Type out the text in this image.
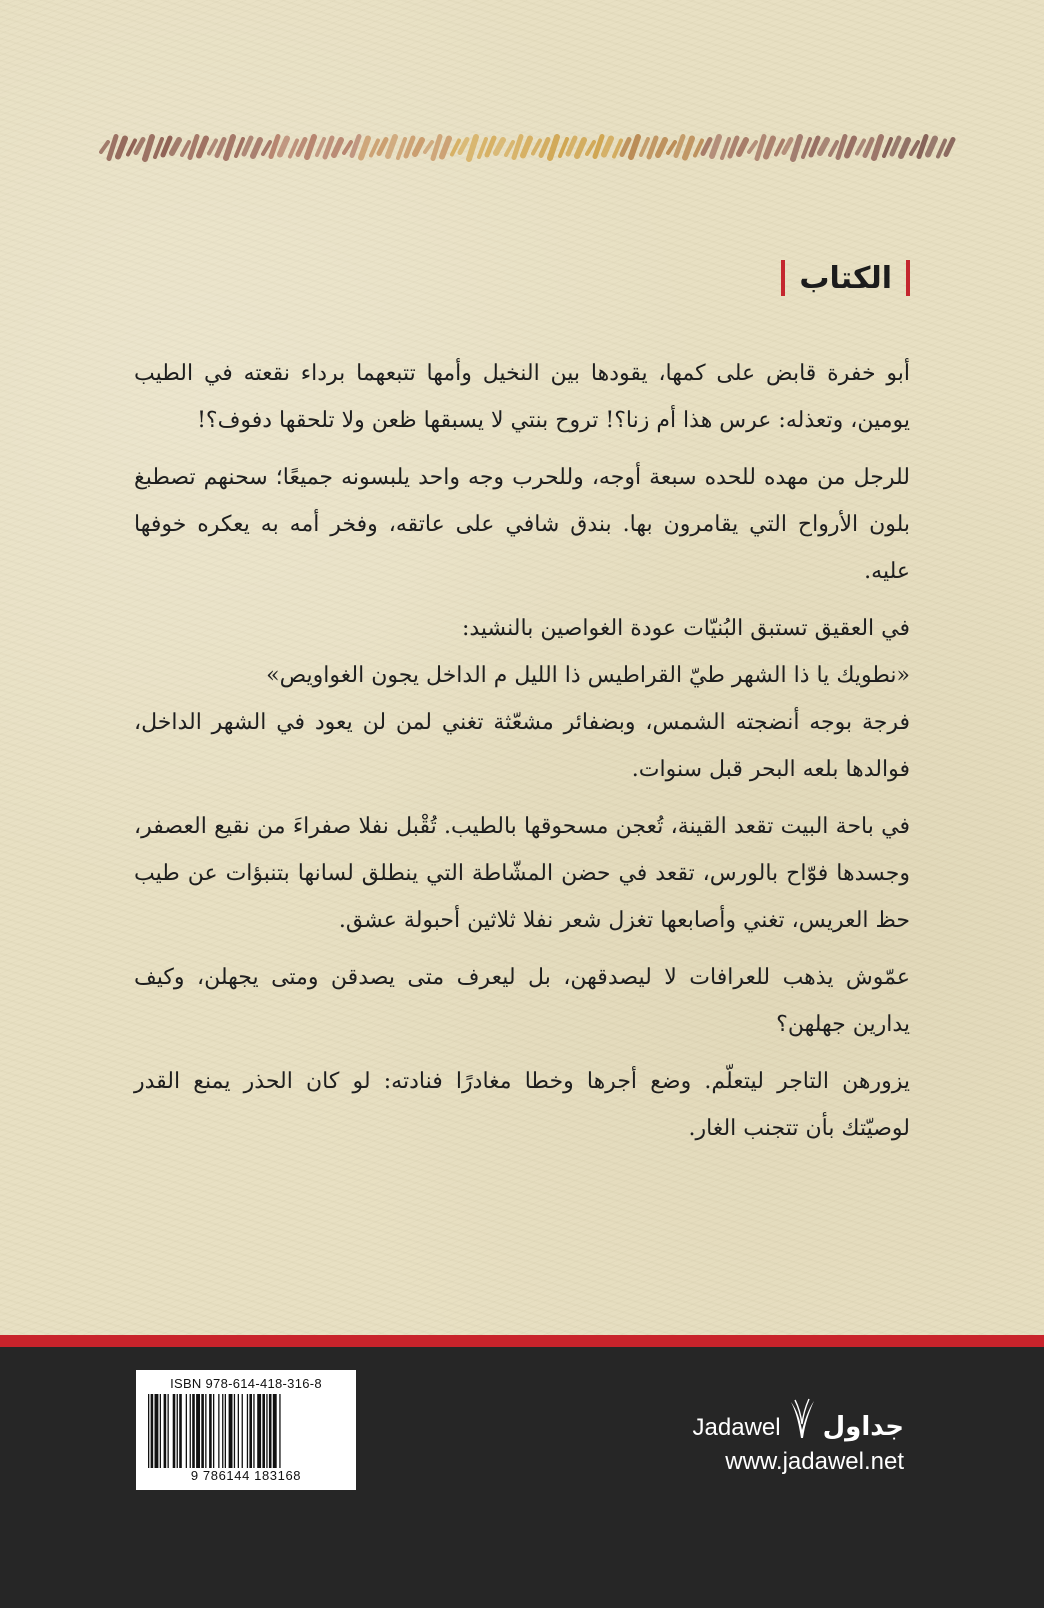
الكتاب

أبو خفرة قابض على كمها، يقودها بين النخيل وأمها تتبعهما برداء نقعته في الطيب يومين، وتعذله: عرس هذا أم زنا؟! تروح بنتي لا يسبقها ظعن ولا تلحقها دفوف؟!

للرجل من مهده للحده سبعة أوجه، وللحرب وجه واحد يلبسونه جميعًا؛ سحنهم تصطبغ بلون الأرواح التي يقامرون بها. بندق شافي على عاتقه، وفخر أمه به يعكره خوفها عليه.

في العقيق تستبق البُنيّات عودة الغواصين بالنشيد:

«نطويك يا ذا الشهر طيّ القراطيس ذا الليل م الداخل يجون الغواويص»

فرجة بوجه أنضجته الشمس، وبضفائر مشعّثة تغني لمن لن يعود في الشهر الداخل، فوالدها بلعه البحر قبل سنوات.

في باحة البيت تقعد القينة، تُعجن مسحوقها بالطيب. تُقْبل نفلا صفراءَ من نقيع العصفر، وجسدها فوّاح بالورس، تقعد في حضن المشّاطة التي ينطلق لسانها بتنبؤات عن طيب حظ العريس، تغني وأصابعها تغزل شعر نفلا ثلاثين أحبولة عشق.

عمّوش يذهب للعرافات لا ليصدقهن، بل ليعرف متى يصدقن ومتى يجهلن، وكيف يدارين جهلهن؟

يزورهن التاجر ليتعلّم. وضع أجرها وخطا مغادرًا فنادته: لو كان الحذر يمنع القدر لوصيّتك بأن تتجنب الغار.

ISBN 978-614-418-316-8
9 786144 183168
Jadawel جداول
www.jadawel.net
